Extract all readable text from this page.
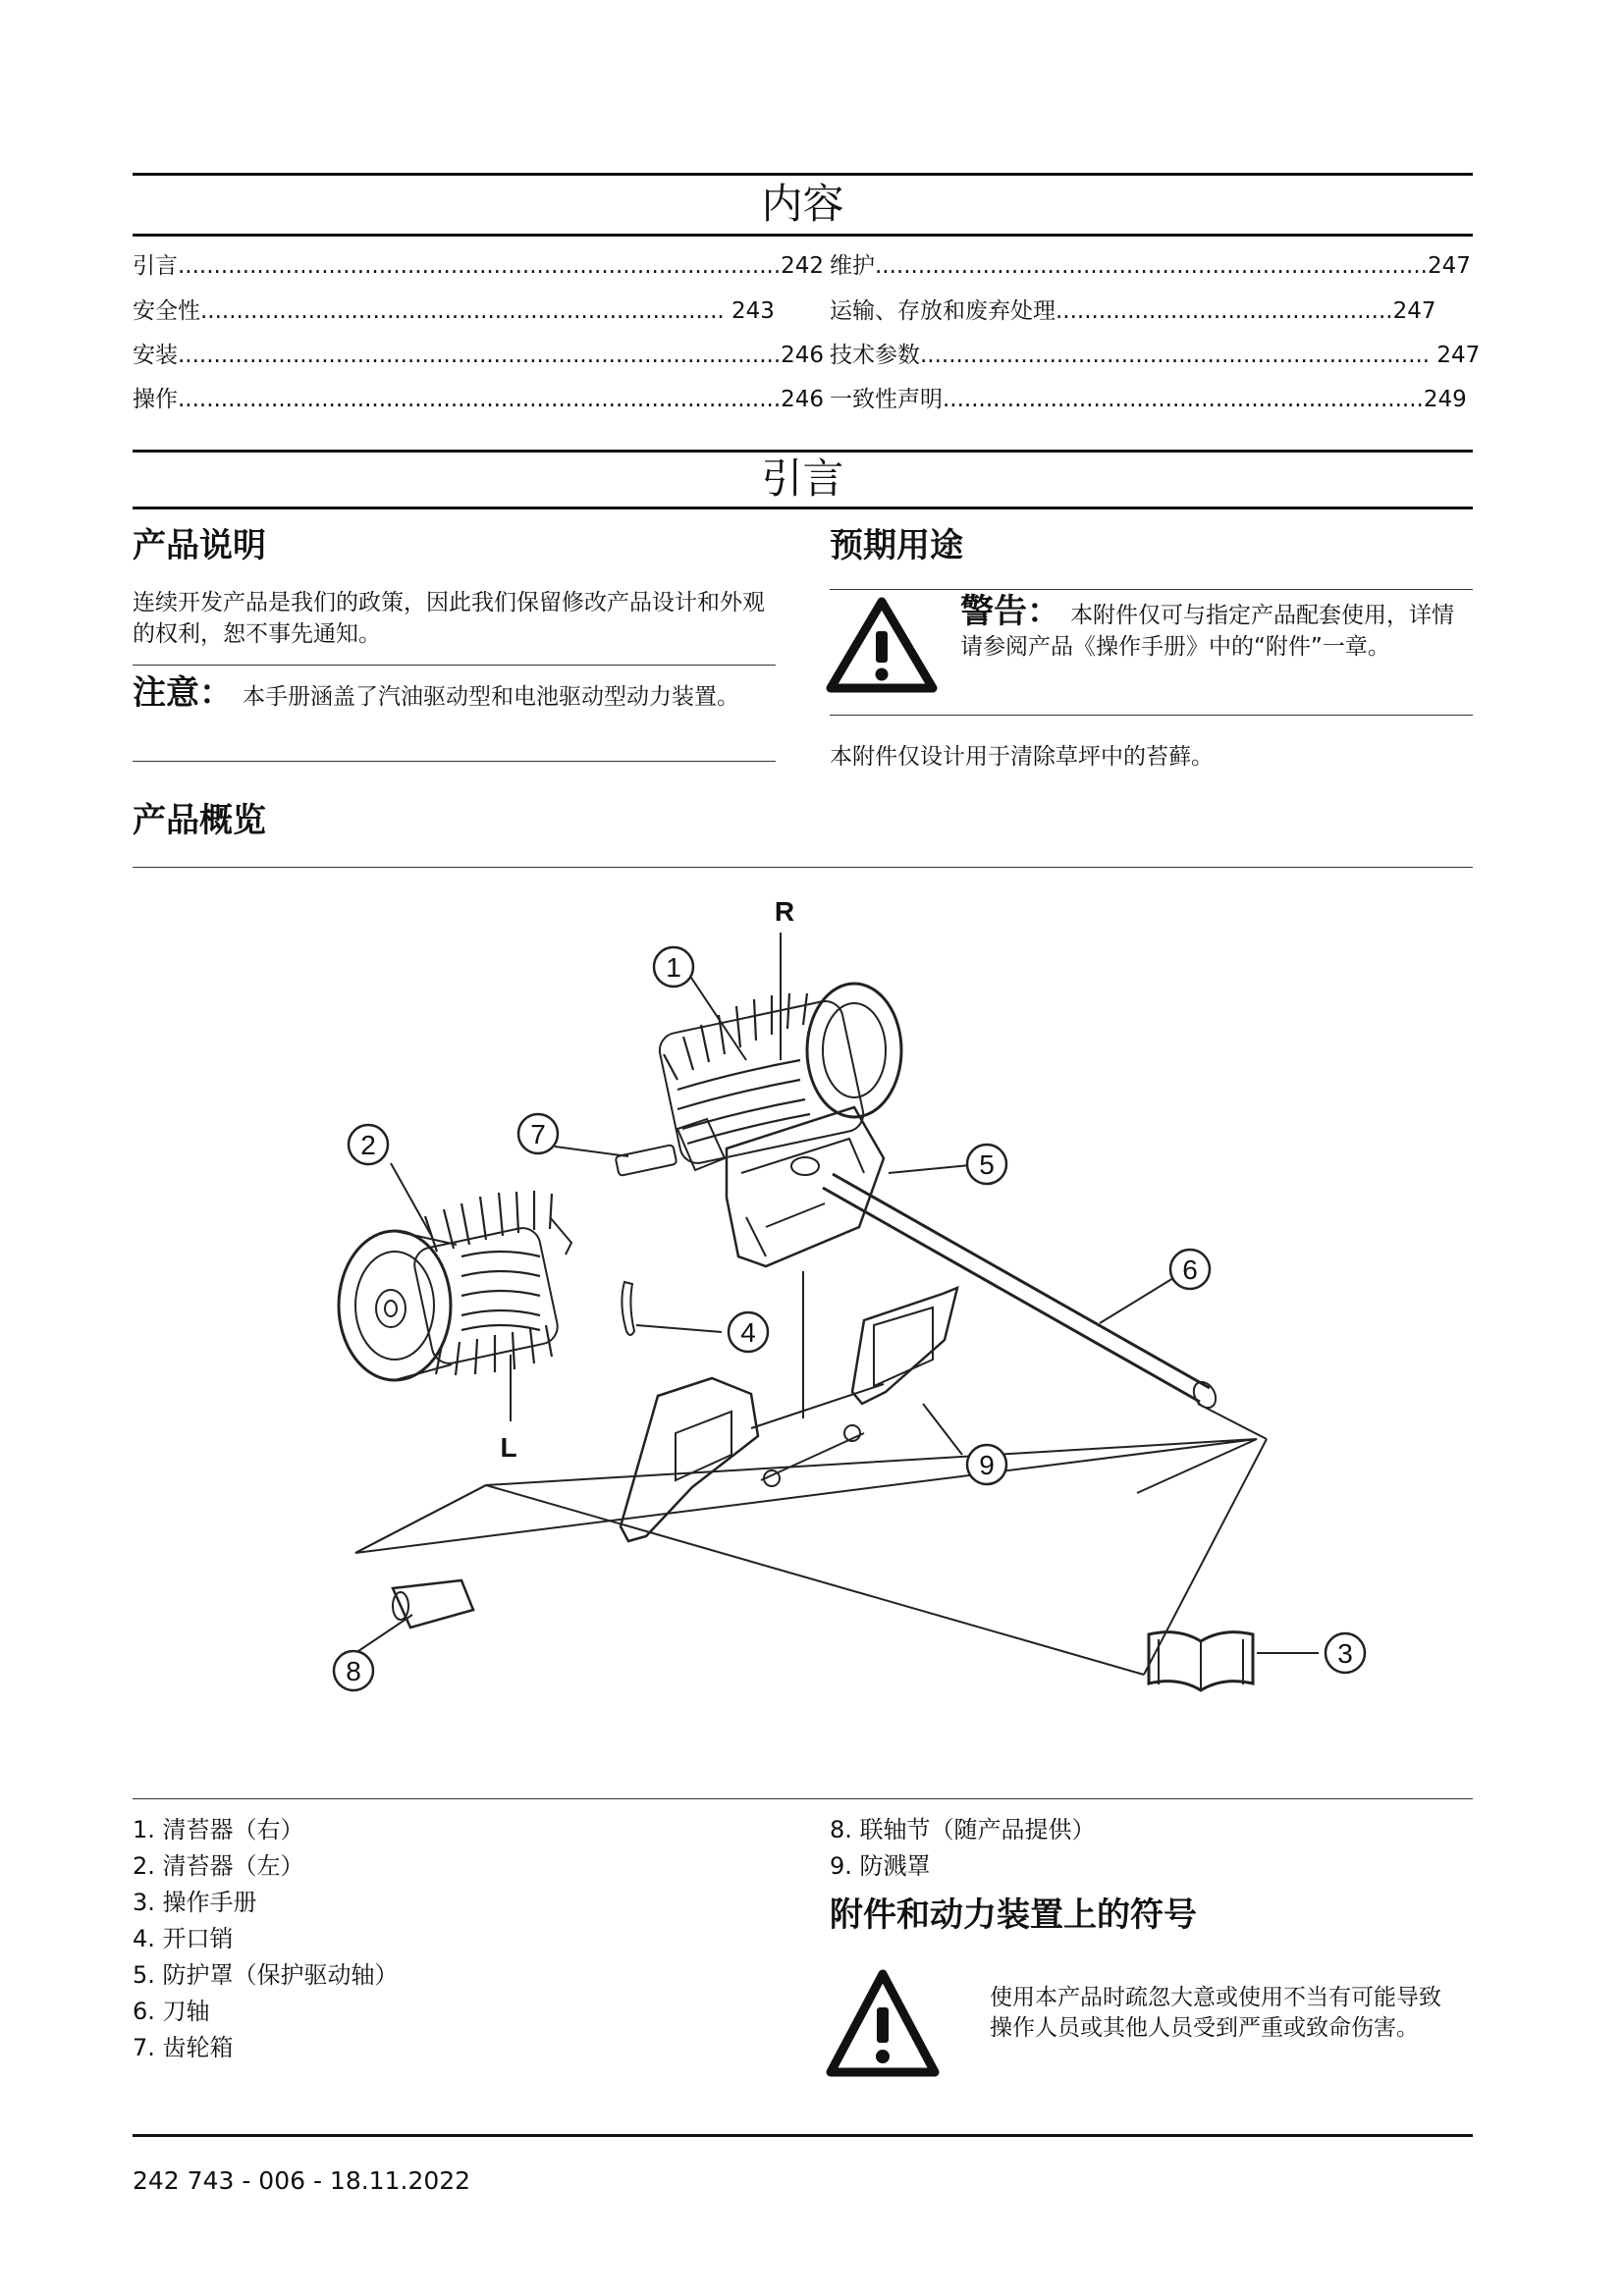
内容
引言....................................................................................242
安全性......................................................................... 243
安装....................................................................................246
操作....................................................................................246
维护.............................................................................247
运输、存放和废弃处理...............................................247
技术参数....................................................................... 247
一致性声明...................................................................249
引言
产品说明
连续开发产品是我们的政策，因此我们保留修改产品设计和外观的权利，恕不事先通知。
注意： 本手册涵盖了汽油驱动型和电池驱动型动力装置。
预期用途
警告： 本附件仅可与指定产品配套使用，详情请参阅产品《操作手册》中的“附件”一章。
本附件仅设计用于清除草坪中的苔藓。
产品概览
1
2
3
4
5
6
7
8
9
R
L
1. 清苔器（右）
2. 清苔器（左）
3. 操作手册
4. 开口销
5. 防护罩（保护驱动轴）
6. 刀轴
7. 齿轮箱
8. 联轴节（随产品提供）
9. 防溅罩
附件和动力装置上的符号
使用本产品时疏忽大意或使用不当有可能导致操作人员或其他人员受到严重或致命伤害。
242 743 - 006 - 18.11.2022
